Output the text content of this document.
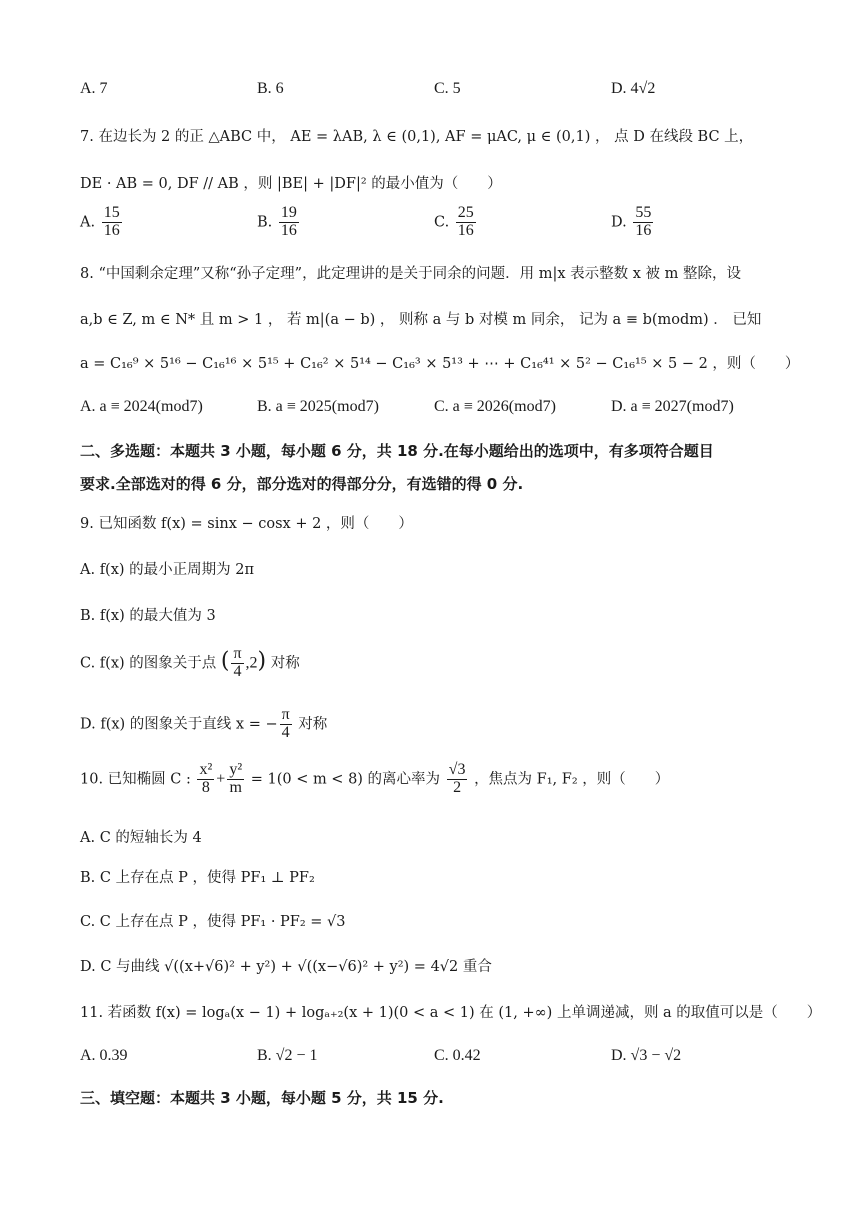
A. 7	B. 6	C. 5	D. 4√2
7. 在边长为 2 的正 △ABC 中， AE = λAB, λ ∈ (0,1), AF = μAC, μ ∈ (0,1) ， 点 D 在线段 BC 上，
DE · AB = 0, DF // AB ，则 |BE| + |DF|² 的最小值为（　　）
A. $\frac{15}{16}$	B. $\frac{19}{16}$	C. $\frac{25}{16}$	D. $\frac{55}{16}$
8. “中国剩余定理”又称“孙子定理”，此定理讲的是关于同余的问题．用 m|x 表示整数 x 被 m 整除，设
a,b ∈ Z, m ∈ N* 且 m > 1 ， 若 m|(a − b) ， 则称 a 与 b 对模 m 同余， 记为 a ≡ b(modm) ． 已知
a = C₁₆⁹ × 5¹⁶ − C₁₆¹⁶ × 5¹⁵ + C₁₆² × 5¹⁴ − C₁₆³ × 5¹³ + ⋯ + C₁₆⁴¹ × 5² − C₁₆¹⁵ × 5 − 2 ，则（　　）
A. a ≡ 2024(mod7)	B. a ≡ 2025(mod7)	C. a ≡ 2026(mod7)	D. a ≡ 2027(mod7)
二、多选题：本题共 3 小题，每小题 6 分，共 18 分.在每小题给出的选项中，有多项符合题目
要求.全部选对的得 6 分，部分选对的得部分分，有选错的得 0 分.
9. 已知函数 f(x) = sinx − cosx + 2 ，则（　　）
A. f(x) 的最小正周期为 2π
B. f(x) 的最大值为 3
C. f(x) 的图象关于点 ( $\frac{\pi}{4} ,2$) 对称
D. f(x) 的图象关于直线 x = − $\frac{\pi}{4}$ 对称
10. 已知椭圆 C : $\frac{\text{x²}}{8} + \frac{\text{y²}}{m} = 1(0 < m < 8)$ 的离心率为 $\frac{√3}{2}$ ，焦点为 F₁, F₂ ，则（　　）
A. C 的短轴长为 4
B. C 上存在点 P ，使得 PF₁ ⊥ PF₂
C. C 上存在点 P ，使得 PF₁ · PF₂ = √3
D. C 与曲线 √((x+√6)² + y²) + √((x−√6)² + y²) = 4√2 重合
11. 若函数 f(x) = logₐ(x − 1) + logₐ₊₂(x + 1)(0 < a < 1) 在 (1, +∞) 上单调递减，则 a 的取值可以是（　　）
A. 0.39	B. √2 − 1	C. 0.42	D. √3 − √2
三、填空题：本题共 3 小题，每小题 5 分，共 15 分.
